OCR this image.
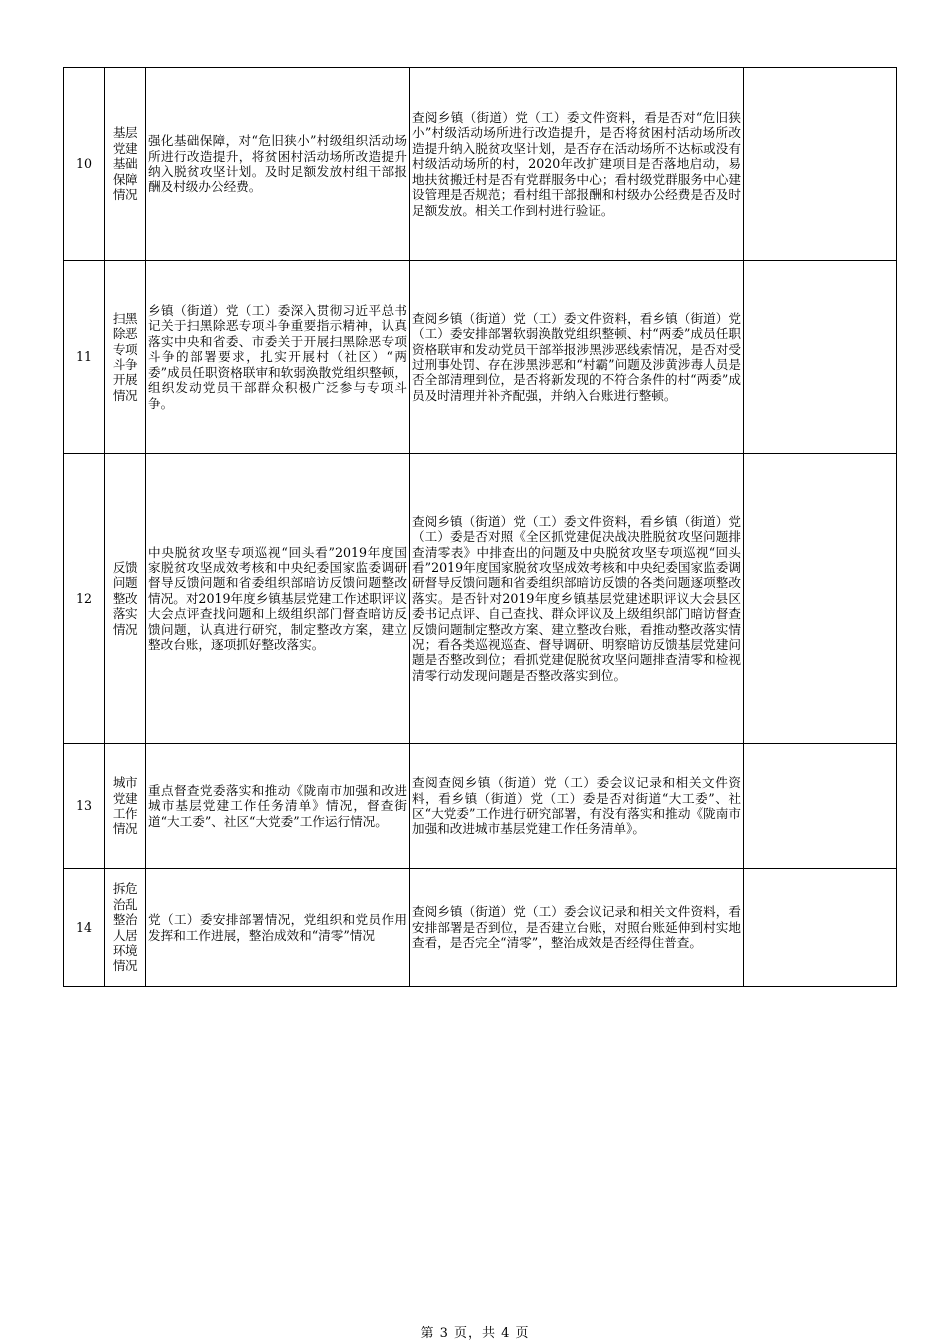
10	基层党建基础保障情况	强化基础保障，对“危旧狭小”村级组织活动场所进行改造提升，将贫困村活动场所改造提升纳入脱贫攻坚计划。及时足额发放村组干部报酬及村级办公经费。	查阅乡镇（街道）党（工）委文件资料，看是否对“危旧狭小”村级活动场所进行改造提升，是否将贫困村活动场所改造提升纳入脱贫攻坚计划，是否存在活动场所不达标或没有村级活动场所的村，2020年改扩建项目是否落地启动，易地扶贫搬迁村是否有党群服务中心；看村级党群服务中心建设管理是否规范；看村组干部报酬和村级办公经费是否及时足额发放。相关工作到村进行验证。	
11	扫黑除恶专项斗争开展情况	乡镇（街道）党（工）委深入贯彻习近平总书记关于扫黑除恶专项斗争重要指示精神，认真落实中央和省委、市委关于开展扫黑除恶专项斗争的部署要求，扎实开展村（社区）“两委”成员任职资格联审和软弱涣散党组织整顿，组织发动党员干部群众积极广泛参与专项斗争。	查阅乡镇（街道）党（工）委文件资料，看乡镇（街道）党（工）委安排部署软弱涣散党组织整顿、村“两委”成员任职资格联审和发动党员干部举报涉黑涉恶线索情况，是否对受过刑事处罚、存在涉黑涉恶和“村霸”问题及涉黄涉毒人员是否全部清理到位，是否将新发现的不符合条件的村“两委”成员及时清理并补齐配强，并纳入台账进行整顿。	
12	反馈问题整改落实情况	中央脱贫攻坚专项巡视“回头看”2019年度国家脱贫攻坚成效考核和中央纪委国家监委调研督导反馈问题和省委组织部暗访反馈问题整改情况。对2019年度乡镇基层党建工作述职评议大会点评查找问题和上级组织部门督查暗访反馈问题，认真进行研究，制定整改方案，建立整改台账，逐项抓好整改落实。	查阅乡镇（街道）党（工）委文件资料，看乡镇（街道）党（工）委是否对照《全区抓党建促决战决胜脱贫攻坚问题排查清零表》中排查出的问题及中央脱贫攻坚专项巡视“回头看”2019年度国家脱贫攻坚成效考核和中央纪委国家监委调研督导反馈问题和省委组织部暗访反馈的各类问题逐项整改落实。是否针对2019年度乡镇基层党建述职评议大会县区委书记点评、自己查找、群众评议及上级组织部门暗访督查反馈问题制定整改方案、建立整改台账，看推动整改落实情况；看各类巡视巡查、督导调研、明察暗访反馈基层党建问题是否整改到位；看抓党建促脱贫攻坚问题排查清零和检视清零行动发现问题是否整改落实到位。	
13	城市党建工作情况	重点督查党委落实和推动《陇南市加强和改进城市基层党建工作任务清单》情况，督查街道“大工委”、社区“大党委”工作运行情况。	查阅查阅乡镇（街道）党（工）委会议记录和相关文件资料，看乡镇（街道）党（工）委是否对街道“大工委”、社区“大党委”工作进行研究部署，有没有落实和推动《陇南市加强和改进城市基层党建工作任务清单》。	
14	拆危治乱整治人居环境情况	党（工）委安排部署情况，党组织和党员作用发挥和工作进展，整治成效和“清零”情况	查阅乡镇（街道）党（工）委会议记录和相关文件资料，看安排部署是否到位，是否建立台账，对照台账延伸到村实地查看，是否完全“清零”，整治成效是否经得住普查。	
第 3 页，共 4 页
